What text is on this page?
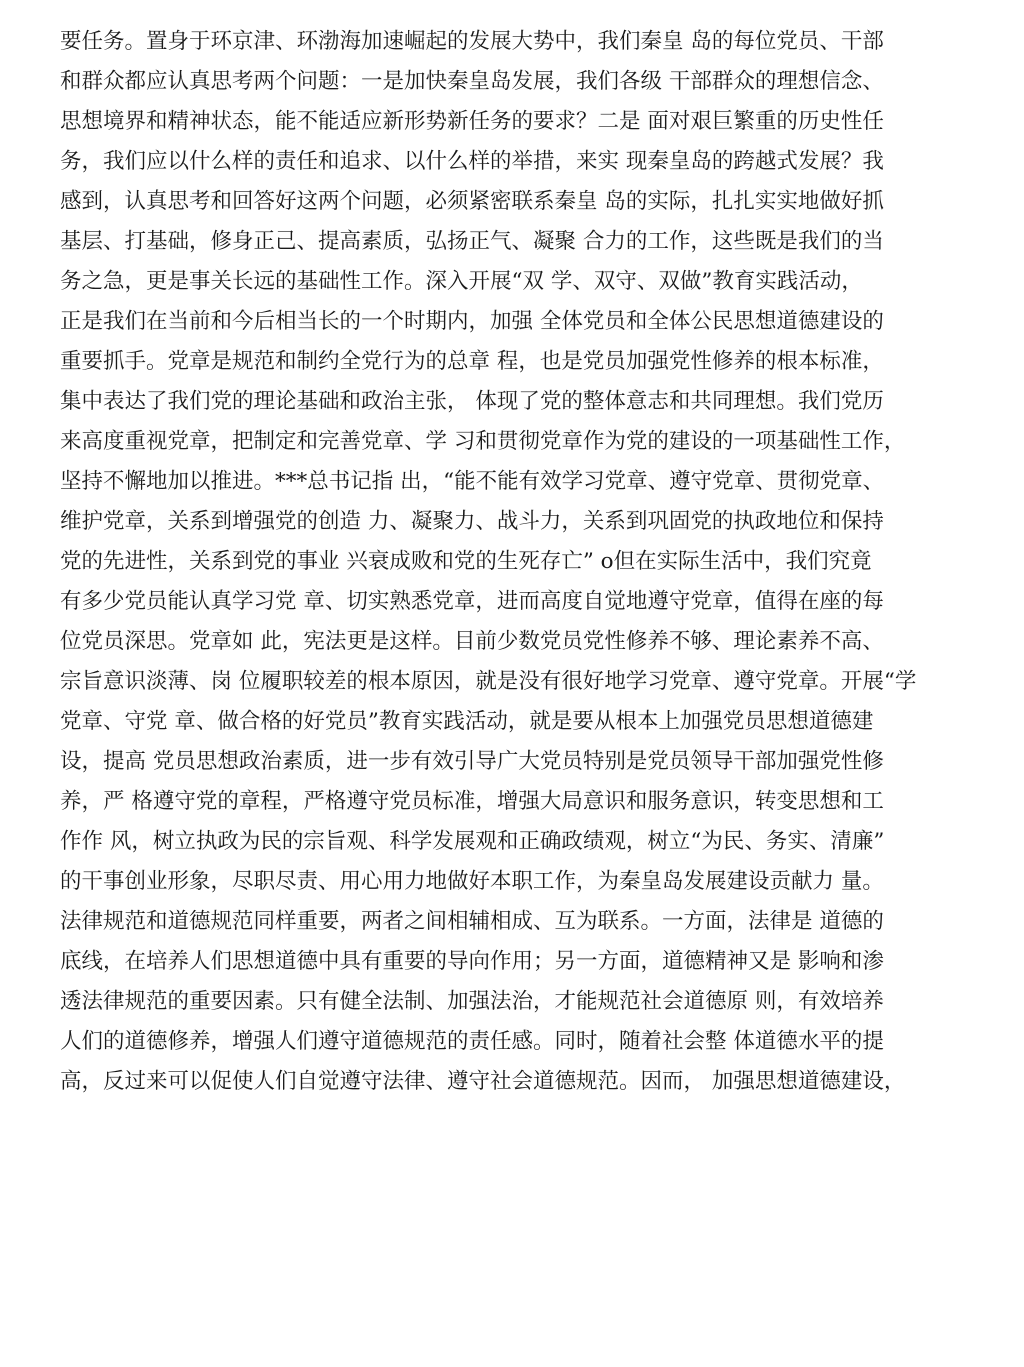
要任务。置身于环京津、环渤海加速崛起的发展大势中，我们秦皇 岛的每位党员、干部
和群众都应认真思考两个问题：一是加快秦皇岛发展，我们各级 干部群众的理想信念、
思想境界和精神状态，能不能适应新形势新任务的要求？二是 面对艰巨繁重的历史性任
务，我们应以什么样的责任和追求、以什么样的举措，来实 现秦皇岛的跨越式发展？我
感到，认真思考和回答好这两个问题，必须紧密联系秦皇 岛的实际，扎扎实实地做好抓
基层、打基础，修身正己、提高素质，弘扬正气、凝聚 合力的工作，这些既是我们的当
务之急，更是事关长远的基础性工作。深入开展“双 学、双守、双做”教育实践活动，
正是我们在当前和今后相当长的一个时期内，加强 全体党员和全体公民思想道德建设的
重要抓手。党章是规范和制约全党行为的总章 程，也是党员加强党性修养的根本标准，
集中表达了我们党的理论基础和政治主张， 体现了党的整体意志和共同理想。我们党历
来高度重视党章，把制定和完善党章、学 习和贯彻党章作为党的建设的一项基础性工作，
坚持不懈地加以推进。***总书记指 出，“能不能有效学习党章、遵守党章、贯彻党章、
维护党章，关系到增强党的创造 力、凝聚力、战斗力，关系到巩固党的执政地位和保持
党的先进性，关系到党的事业 兴衰成败和党的生死存亡” o但在实际生活中，我们究竟
有多少党员能认真学习党 章、切实熟悉党章，进而高度自觉地遵守党章，值得在座的每
位党员深思。党章如 此，宪法更是这样。目前少数党员党性修养不够、理论素养不高、
宗旨意识淡薄、岗 位履职较差的根本原因，就是没有很好地学习党章、遵守党章。开展“学
党章、守党 章、做合格的好党员”教育实践活动，就是要从根本上加强党员思想道德建
设，提高 党员思想政治素质，进一步有效引导广大党员特别是党员领导干部加强党性修
养，严 格遵守党的章程，严格遵守党员标准，增强大局意识和服务意识，转变思想和工
作作 风，树立执政为民的宗旨观、科学发展观和正确政绩观，树立“为民、务实、清廉”
的干事创业形象，尽职尽责、用心用力地做好本职工作，为秦皇岛发展建设贡献力 量。
法律规范和道德规范同样重要，两者之间相辅相成、互为联系。一方面，法律是 道德的
底线，在培养人们思想道德中具有重要的导向作用；另一方面，道德精神又是 影响和渗
透法律规范的重要因素。只有健全法制、加强法治，才能规范社会道德原 则，有效培养
人们的道德修养，增强人们遵守道德规范的责任感。同时，随着社会整 体道德水平的提
高，反过来可以促使人们自觉遵守法律、遵守社会道德规范。因而， 加强思想道德建设，
